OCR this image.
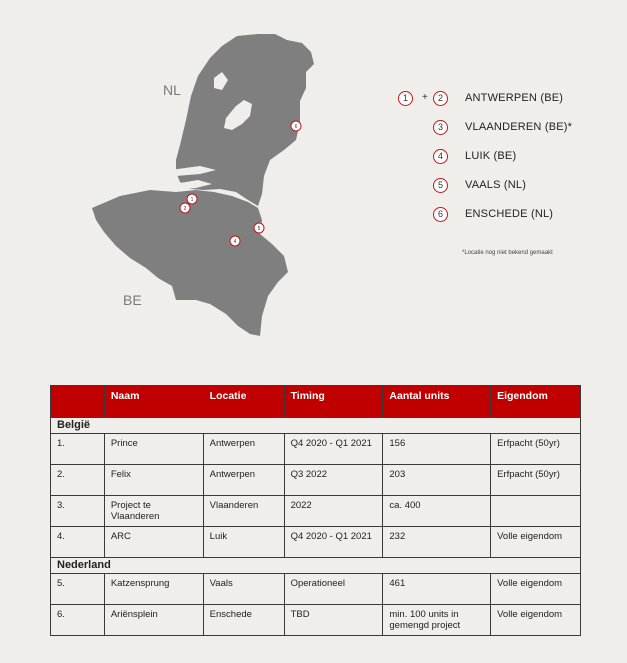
NL
BE
6
1
2
5
4
1	+	2	ANTWERPEN (BE)
3	VLAANDEREN (BE)*
4	LUIK (BE)
5	VAALS (NL)
6	ENSCHEDE (NL)
*Locatie nog niet bekend gemaakt
	Naam	Locatie	Timing	Aantal units	Eigendom
België					
1.	Prince	Antwerpen	Q4 2020 - Q1 2021	156	Erfpacht (50yr)
2.	Felix	Antwerpen	Q3 2022	203	Erfpacht (50yr)
3.	Project te Vlaanderen	Vlaanderen	2022	ca. 400	
4.	ARC	Luik	Q4 2020 - Q1 2021	232	Volle eigendom
Nederland					
5.	Katzensprung	Vaals	Operationeel	461	Volle eigendom
6.	Ariënsplein	Enschede	TBD	min. 100 units in gemengd project	Volle eigendom
